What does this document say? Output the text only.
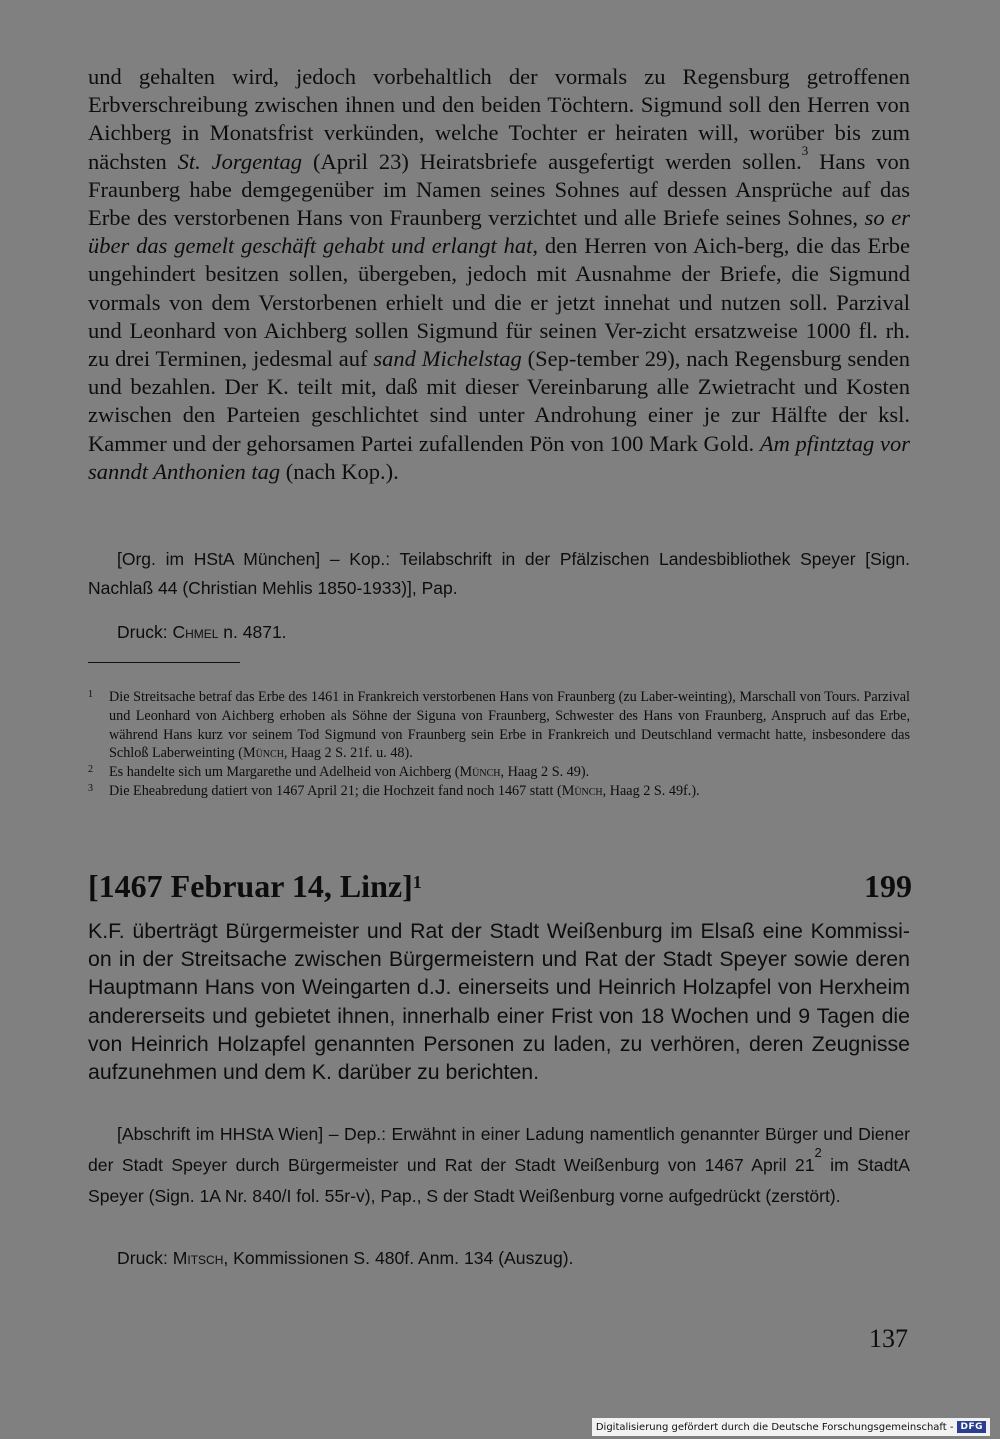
und gehalten wird, jedoch vorbehaltlich der vormals zu Regensburg getroffenen Erbverschreibung zwischen ihnen und den beiden Töchtern. Sigmund soll den Herren von Aichberg in Monatsfrist verkünden, welche Tochter er heiraten will, worüber bis zum nächsten St. Jorgentag (April 23) Heiratsbriefe ausgefertigt werden sollen.$^3$ Hans von Fraunberg habe demgegenüber im Namen seines Sohnes auf dessen Ansprüche auf das Erbe des verstorbenen Hans von Fraunberg verzichtet und alle Briefe seines Sohnes, so er über das gemelt geschäft gehabt und erlangt hat, den Herren von Aich-berg, die das Erbe ungehindert besitzen sollen, übergeben, jedoch mit Ausnahme der Briefe, die Sigmund vormals von dem Verstorbenen erhielt und die er jetzt innehat und nutzen soll. Parzival und Leonhard von Aichberg sollen Sigmund für seinen Ver-zicht ersatzweise 1000 fl. rh. zu drei Terminen, jedesmal auf sand Michelstag (Sep-tember 29), nach Regensburg senden und bezahlen. Der K. teilt mit, daß mit dieser Vereinbarung alle Zwietracht und Kosten zwischen den Parteien geschlichtet sind unter Androhung einer je zur Hälfte der ksl. Kammer und der gehorsamen Partei zufallenden Pön von 100 Mark Gold. Am pfintztag vor sanndt Anthonien tag (nach Kop.).

[Org. im HStA München] – Kop.: Teilabschrift in der Pfälzischen Landesbibliothek Speyer [Sign. Nachlaß 44 (Christian Mehlis 1850-1933)], Pap.

Druck: Chmel n. 4871.

1	Die Streitsache betraf das Erbe des 1461 in Frankreich verstorbenen Hans von Fraunberg (zu Laber-weinting), Marschall von Tours. Parzival und Leonhard von Aichberg erhoben als Söhne der Siguna von Fraunberg, Schwester des Hans von Fraunberg, Anspruch auf das Erbe, während Hans kurz vor seinem Tod Sigmund von Fraunberg sein Erbe in Frankreich und Deutschland vermacht hatte, insbesondere das Schloß Laberweinting (Münch, Haag 2 S. 21f. u. 48).
2	Es handelte sich um Margarethe und Adelheid von Aichberg (Münch, Haag 2 S. 49).
3	Die Eheabredung datiert von 1467 April 21; die Hochzeit fand noch 1467 statt (Münch, Haag 2 S. 49f.).
[1467 Februar 14, Linz]$^1$	199

K.F. überträgt Bürgermeister und Rat der Stadt Weißenburg im Elsaß eine Kommissi-on in der Streitsache zwischen Bürgermeistern und Rat der Stadt Speyer sowie deren Hauptmann Hans von Weingarten d.J. einerseits und Heinrich Holzapfel von Herxheim andererseits und gebietet ihnen, innerhalb einer Frist von 18 Wochen und 9 Tagen die von Heinrich Holzapfel genannten Personen zu laden, zu verhören, deren Zeugnisse aufzunehmen und dem K. darüber zu berichten.

[Abschrift im HHStA Wien] – Dep.: Erwähnt in einer Ladung namentlich genannter Bürger und Diener der Stadt Speyer durch Bürgermeister und Rat der Stadt Weißenburg von 1467 April 21$^2$ im StadtA Speyer (Sign. 1A Nr. 840/I fol. 55r-v), Pap., S der Stadt Weißenburg vorne aufgedrückt (zerstört).

Druck: Mitsch, Kommissionen S. 480f. Anm. 134 (Auszug).

137
Digitalisierung gefördert durch die Deutsche Forschungsgemeinschaft - DFG
